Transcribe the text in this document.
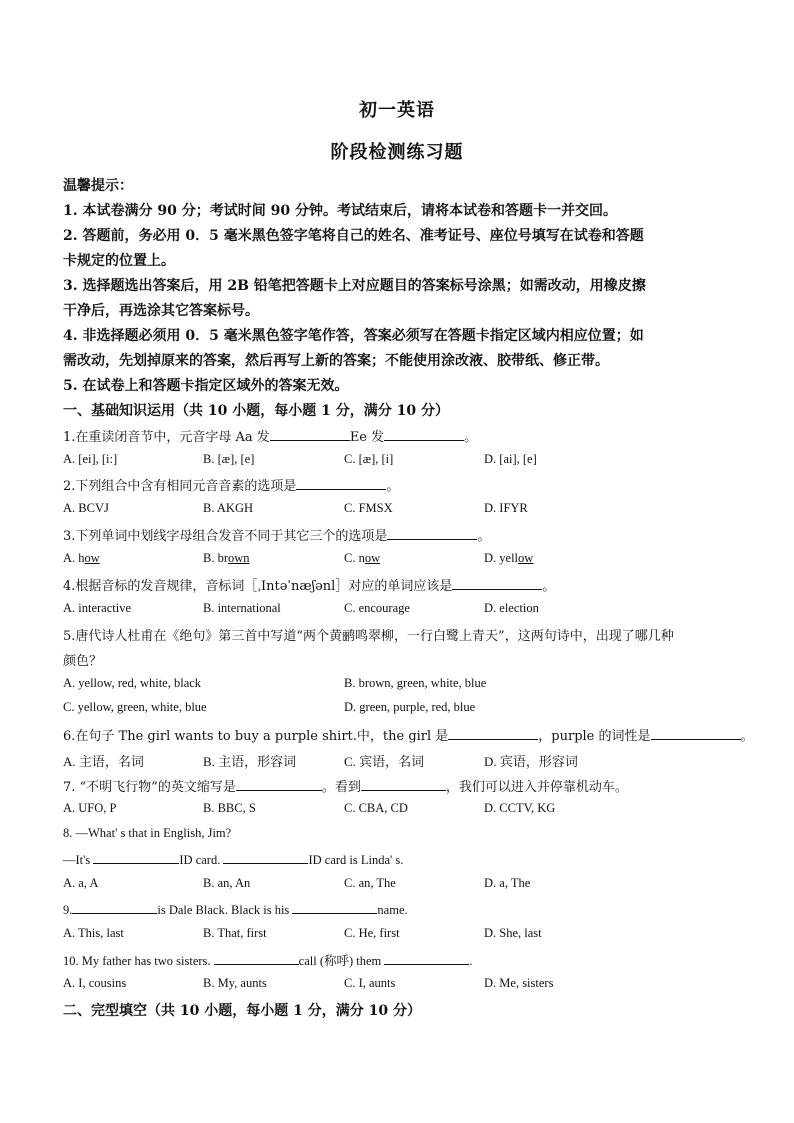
初一英语
阶段检测练习题
温馨提示：
1. 本试卷满分 90 分；考试时间 90 分钟。考试结束后，请将本试卷和答题卡一并交回。
2. 答题前，务必用 0．5 毫米黑色签字笔将自己的姓名、准考证号、座位号填写在试卷和答题
卡规定的位置上。
3. 选择题选出答案后，用 2B 铅笔把答题卡上对应题目的答案标号涂黑；如需改动，用橡皮擦
干净后，再选涂其它答案标号。
4. 非选择题必须用 0．5 毫米黑色签字笔作答，答案必须写在答题卡指定区域内相应位置；如
需改动，先划掉原来的答案，然后再写上新的答案；不能使用涂改液、胶带纸、修正带。
5. 在试卷上和答题卡指定区域外的答案无效。
一、基础知识运用（共 10 小题，每小题 1 分，满分 10 分）
1.在重读闭音节中，元音字母 Aa 发	Ee 发	。
A. [ei], [i:]	B. [æ], [e]	C. [æ], [i]	D. [ai], [e]
2.下列组合中含有相同元音音素的选项是	。
A. BCVJ	B. AKGH	C. FMSX	D. IFYR
3.下列单词中划线字母组合发音不同于其它三个的选项是	。
A. how	B. brown	C. now	D. yellow
4.根据音标的发音规律，音标词［ˌIntəˈnæʃənl］对应的单词应该是	。
A. interactive	B. international	C. encourage	D. election
5.唐代诗人杜甫在《绝句》第三首中写道“两个黄鹂鸣翠柳，一行白鹭上青天”，这两句诗中，出现了哪几种
颜色？
A. yellow, red, white, black	B. brown, green, white, blue
C. yellow, green, white, blue	D. green, purple, red, blue
6.在句子 The girl wants to buy a purple shirt.中，the girl 是	，purple 的词性是	。
A. 主语，名词	B. 主语，形容词	C. 宾语，名词	D. 宾语，形容词
7. “不明飞行物”的英文缩写是	。看到	，我们可以进入并停靠机动车。
A. UFO, P	B. BBC, S	C. CBA, CD	D. CCTV, KG
8. —What' s that in English, Jim?
—It's	ID card.	ID card is Linda' s.
A. a, A	B. an, An	C. an, The	D. a, The
9.	is Dale Black. Black is his	name.
A. This, last	B. That, first	C. He, first	D. She, last
10. My father has two sisters.	call (称呼) them	.
A. I, cousins	B. My, aunts	C. I, aunts	D. Me, sisters
二、完型填空（共 10 小题，每小题 1 分，满分 10 分）
